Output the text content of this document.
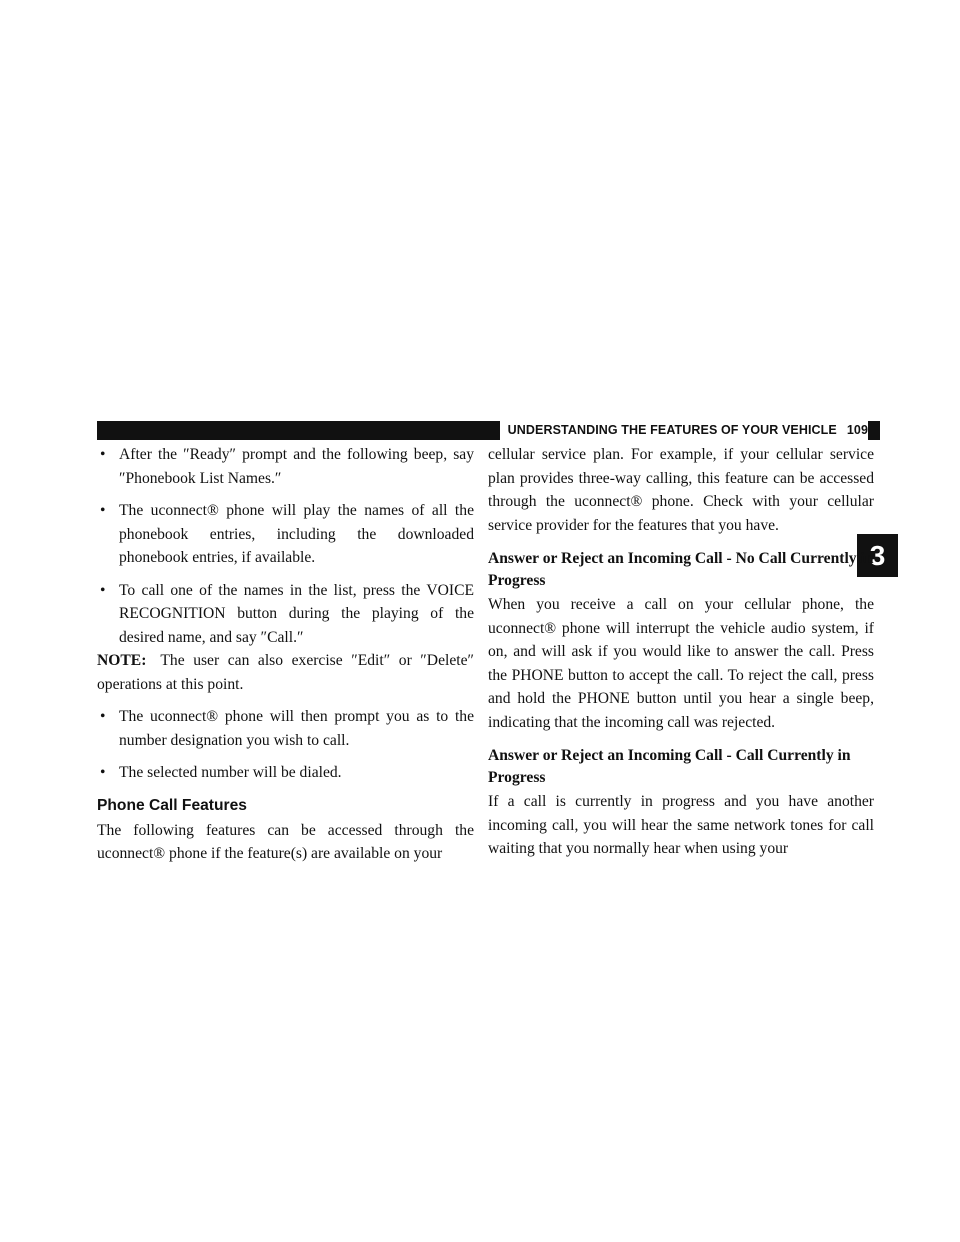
UNDERSTANDING THE FEATURES OF YOUR VEHICLE 109
3
• After the ″Ready″ prompt and the following beep, say ″Phonebook List Names.″
• The uconnect® phone will play the names of all the phonebook entries, including the downloaded phonebook entries, if available.
• To call one of the names in the list, press the VOICE RECOGNITION button during the playing of the desired name, and say ″Call.″

NOTE: The user can also exercise ″Edit″ or ″Delete″ operations at this point.

• The uconnect® phone will then prompt you as to the number designation you wish to call.
• The selected number will be dialed.
Phone Call Features

The following features can be accessed through the uconnect® phone if the feature(s) are available on your

cellular service plan. For example, if your cellular service plan provides three-way calling, this feature can be accessed through the uconnect® phone. Check with your cellular service provider for the features that you have.

Answer or Reject an Incoming Call - No Call Currently in Progress

When you receive a call on your cellular phone, the uconnect® phone will interrupt the vehicle audio system, if on, and will ask if you would like to answer the call. Press the PHONE button to accept the call. To reject the call, press and hold the PHONE button until you hear a single beep, indicating that the incoming call was rejected.

Answer or Reject an Incoming Call - Call Currently in Progress

If a call is currently in progress and you have another incoming call, you will hear the same network tones for call waiting that you normally hear when using your
